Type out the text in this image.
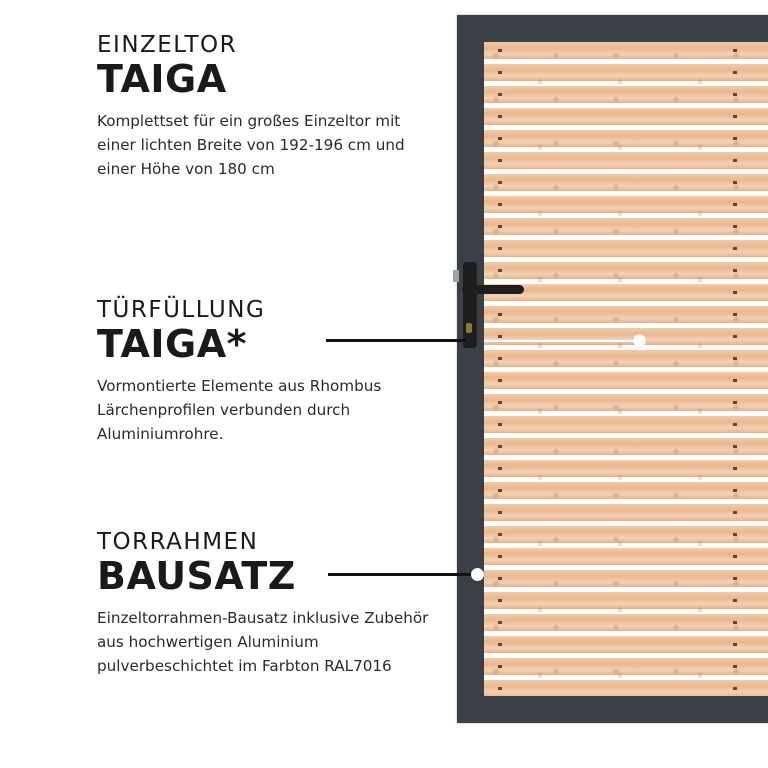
EINZELTOR

TAIGA

Komplettset für ein großes Einzeltor mit einer lichten Breite von 192-196 cm und einer Höhe von 180 cm

TÜRFÜLLUNG

TAIGA*

Vormontierte Elemente aus Rhombus Lärchenprofilen verbunden durch Aluminiumrohre.

TORRAHMEN

BAUSATZ

Einzeltorrahmen-Bausatz inklusive Zubehör aus hochwertigen Aluminium pulverbeschichtet im Farbton RAL7016
